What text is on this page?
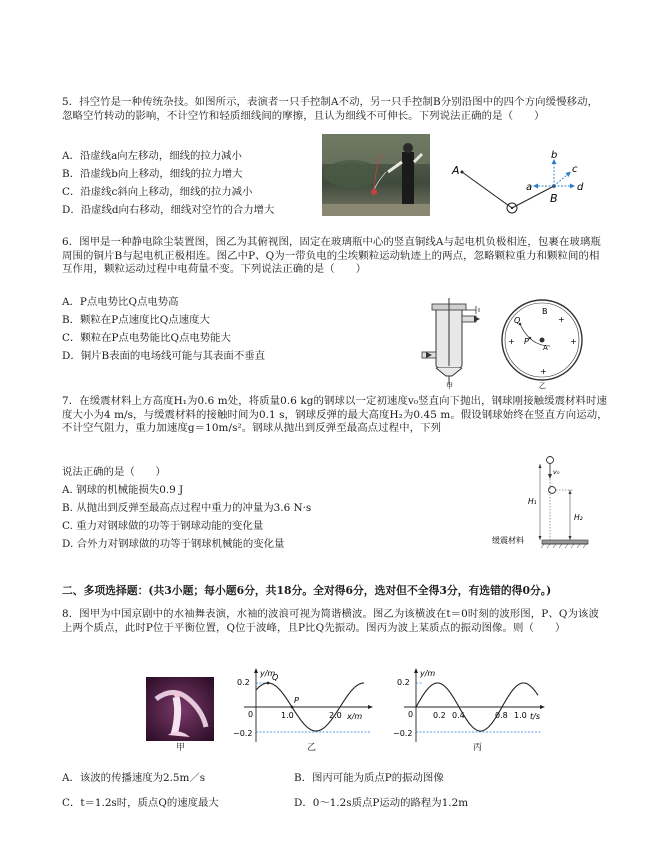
5．抖空竹是一种传统杂技。如图所示，表演者一只手控制A不动，另一只手控制B分别沿图中的四个方向缓慢移动，忽略空竹转动的影响，不计空竹和轻质细线间的摩擦，且认为细线不可伸长。下列说法正确的是（　　）
A．沿虚线a向左移动，细线的拉力减小
B．沿虚线b向上移动，细线的拉力增大
C．沿虚线c斜向上移动，细线的拉力减小
D．沿虚线d向右移动，细线对空竹的合力增大
A
B
a
b
c
d
6．图甲是一种静电除尘装置图，图乙为其俯视图，固定在玻璃瓶中心的竖直铜线A与起电机负极相连，包裹在玻璃瓶周围的铜片B与起电机正极相连。图乙中P、Q为一带负电的尘埃颗粒运动轨迹上的两点，忽略颗粒重力和颗粒间的相互作用，颗粒运动过程中电荷量不变。下列说法正确的是（　　）
A．P点电势比Q点电势高
B．颗粒在P点速度比Q点速度大
C．颗粒在P点电势能比Q点电势能大
D．铜片B表面的电场线可能与其表面不垂直
甲
Q
P
A
B
+	+
+
+
乙
7．在缓震材料上方高度H₁为0.6 m处，将质量0.6 kg的钢球以一定初速度v₀竖直向下抛出，钢球刚接触缓震材料时速度大小为4 m/s，与缓震材料的接触时间为0.1 s，钢球反弹的最大高度H₂为0.45 m。假设钢球始终在竖直方向运动，不计空气阻力，重力加速度g＝10m/s²。钢球从抛出到反弹至最高点过程中，下列
说法正确的是（　　）
A. 钢球的机械能损失0.9 J
B. 从抛出到反弹至最高点过程中重力的冲量为3.6 N·s
C. 重力对钢球做的功等于钢球动能的变化量
D. 合外力对钢球做的功等于钢球机械能的变化量
v₀
H₁
H₂
缓震材料
二、多项选择题：(共3小题；每小题6分，共18分。全对得6分，选对但不全得3分，有选错的得0分。)
8．图甲为中国京剧中的水袖舞表演，水袖的波浪可视为简谐横波。图乙为该横波在t＝0时刻的波形图，P、Q为该波上两个质点，此时P位于平衡位置，Q位于波峰，且P比Q先振动。图丙为波上某质点的振动图像。则（　　）
甲
y/m
x/m
0.2
−0.2
0	1.0	2.0
Q
P
乙
y/m
t/s
0.2
−0.2
0 0.2 0.4	0.8 1.0
丙
A．该波的传播速度为2.5m／s	B．图丙可能为质点P的振动图像
C．t＝1.2s时，质点Q的速度最大	D．0～1.2s质点P运动的路程为1.2m
